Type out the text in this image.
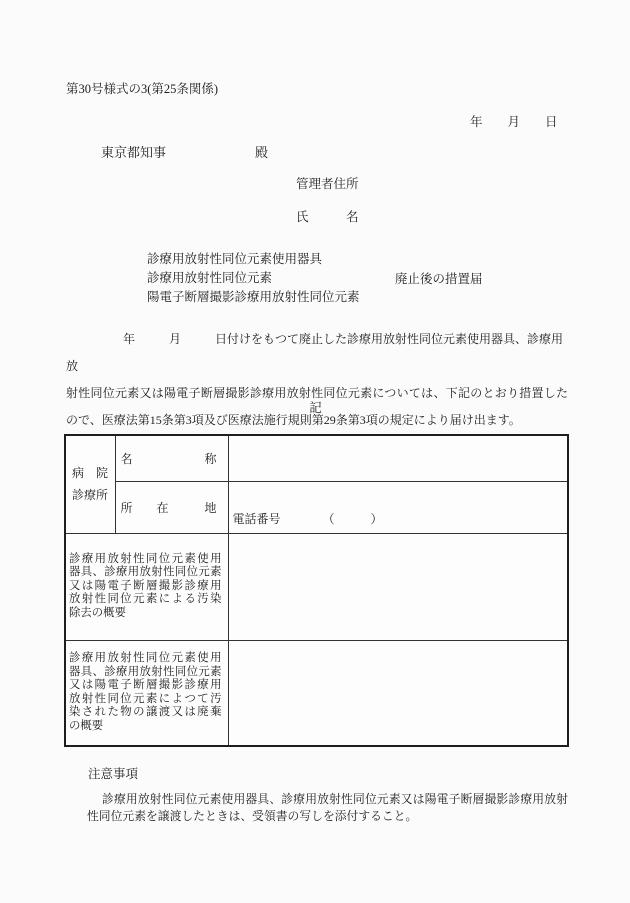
第30号様式の3(第25条関係)
年　　月　　日
東京都知事	殿
管理者住所
氏　　　名
診療用放射性同位元素使用器具
診療用放射性同位元素
陽電子断層撮影診療用放射性同位元素
廃止後の措置届
年	月	日付けをもつて廃止した診療用放射性同位元素使用器具、診療用放
射性同位元素又は陽電子断層撮影診療用放射性同位元素については、下記のとおり措置した
ので、医療法第15条第3項及び医療法施行規則第29条第3項の規定により届け出ます。
記
病　院
診療所	名　　　　　　称	
	所　　在　　　地	電話番号　　　　（　　　）

診療用放射性同位元素使用
器具、診療用放射性同位元素
又は陽電子断層撮影診療用
放射性同位元素による汚染
除去の概要		

診療用放射性同位元素使用
器具、診療用放射性同位元素
又は陽電子断層撮影診療用
放射性同位元素によつて汚
染された物の譲渡又は廃棄
の概要

注意事項
診療用放射性同位元素使用器具、診療用放射性同位元素又は陽電子断層撮影診療用放射
性同位元素を譲渡したときは、受領書の写しを添付すること。
